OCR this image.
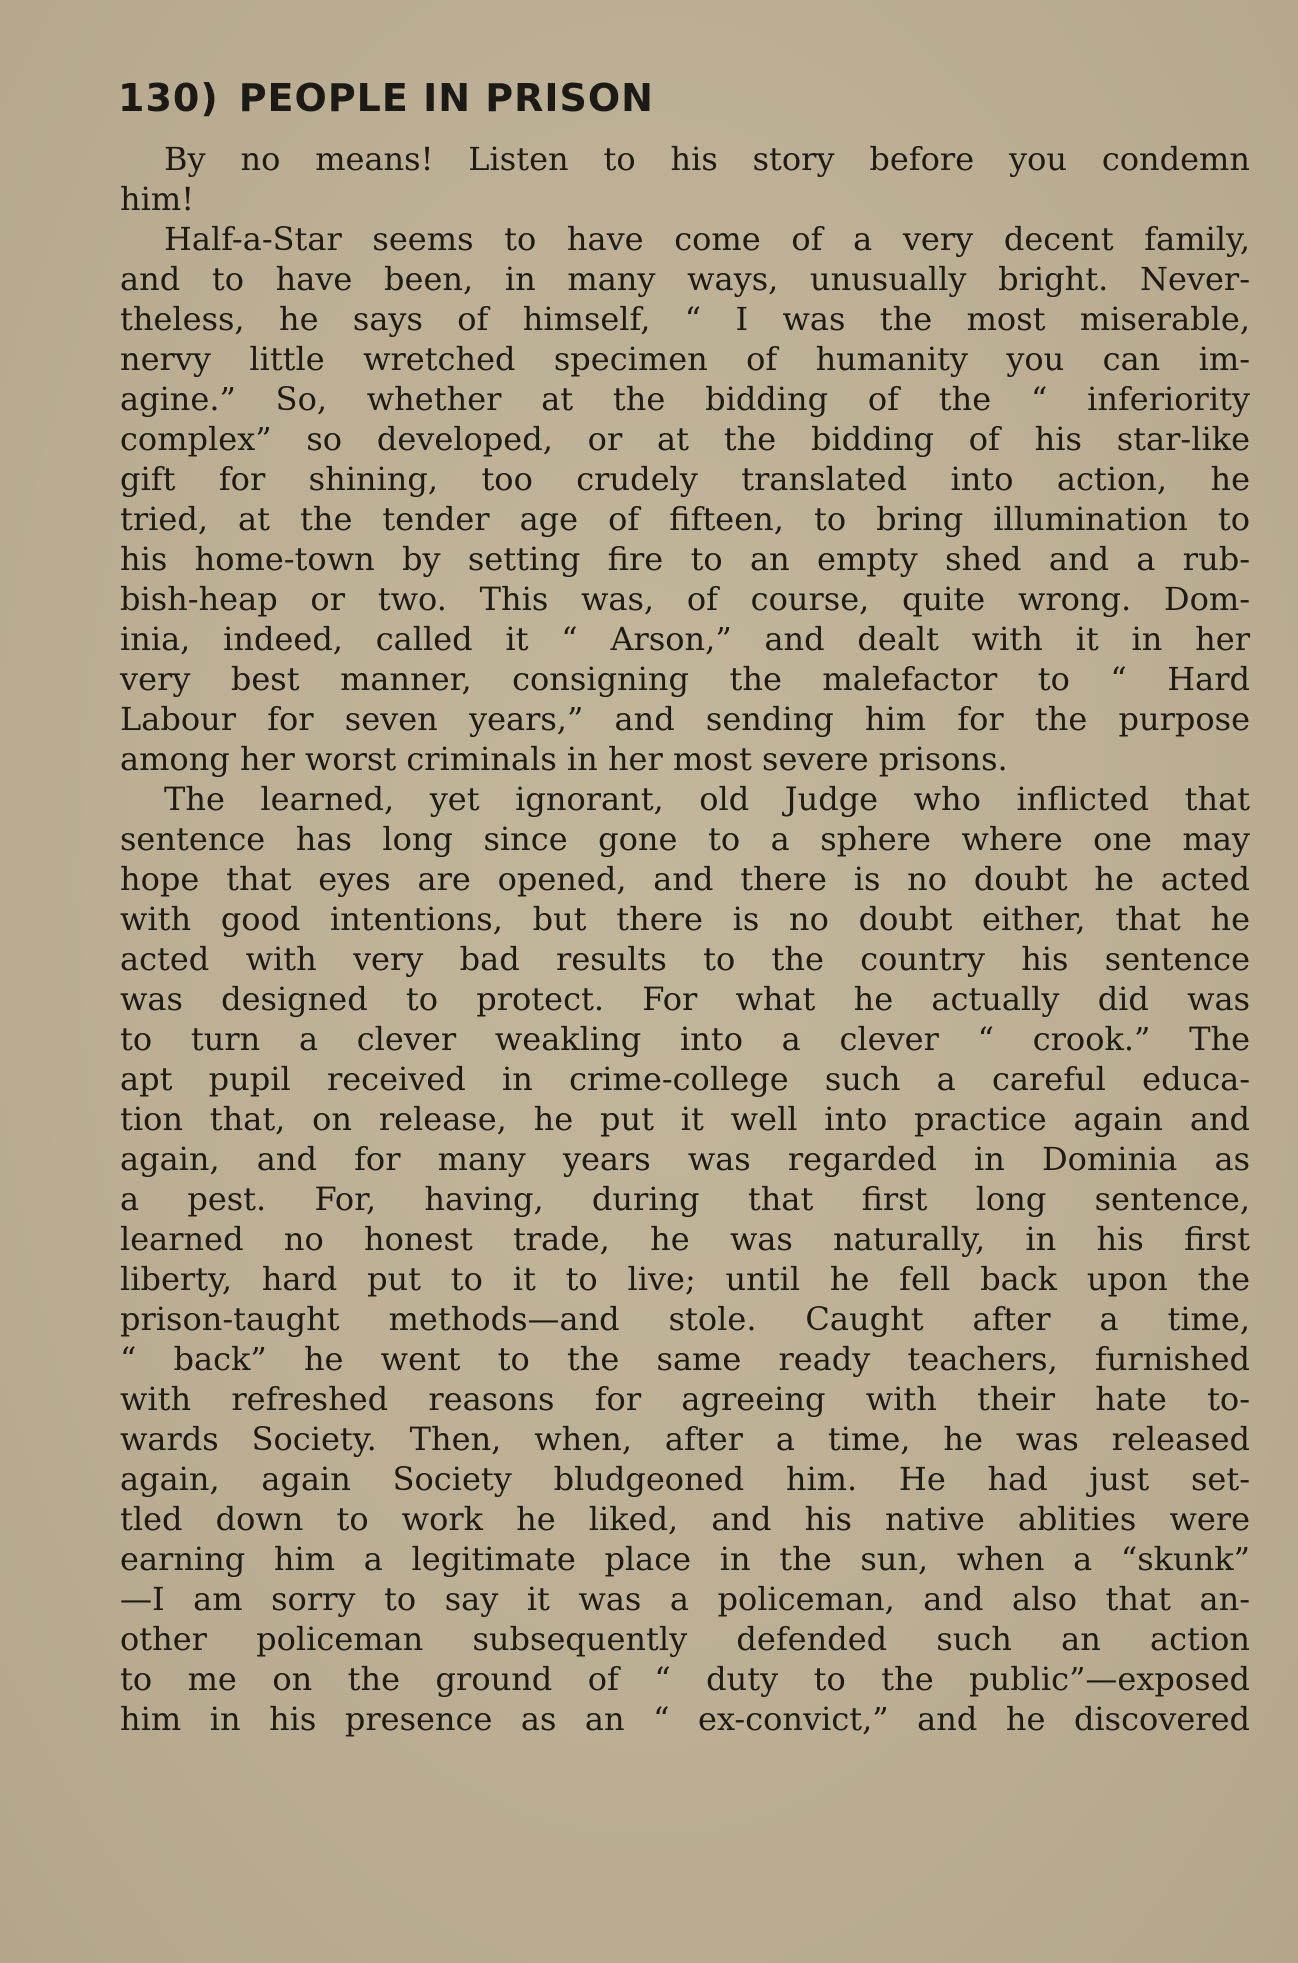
130) PEOPLE IN PRISON
By no means! Listen to his story before you condemn
him!
Half-a-Star seems to have come of a very decent family,
and to have been, in many ways, unusually bright. Never-
theless, he says of himself, “ I was the most miserable,
nervy little wretched specimen of humanity you can im-
agine.” So, whether at the bidding of the “ inferiority
complex” so developed, or at the bidding of his star-like
gift for shining, too crudely translated into action, he
tried, at the tender age of fifteen, to bring illumination to
his home-town by setting fire to an empty shed and a rub-
bish-heap or two. This was, of course, quite wrong. Dom-
inia, indeed, called it “ Arson,” and dealt with it in her
very best manner, consigning the malefactor to “ Hard
Labour for seven years,” and sending him for the purpose
among her worst criminals in her most severe prisons.
The learned, yet ignorant, old Judge who inflicted that
sentence has long since gone to a sphere where one may
hope that eyes are opened, and there is no doubt he acted
with good intentions, but there is no doubt either, that he
acted with very bad results to the country his sentence
was designed to protect. For what he actually did was
to turn a clever weakling into a clever “ crook.” The
apt pupil received in crime-college such a careful educa-
tion that, on release, he put it well into practice again and
again, and for many years was regarded in Dominia as
a pest. For, having, during that first long sentence,
learned no honest trade, he was naturally, in his first
liberty, hard put to it to live; until he fell back upon the
prison-taught methods—and stole. Caught after a time,
“ back” he went to the same ready teachers, furnished
with refreshed reasons for agreeing with their hate to-
wards Society. Then, when, after a time, he was released
again, again Society bludgeoned him. He had just set-
tled down to work he liked, and his native ablities were
earning him a legitimate place in the sun, when a “skunk”
—I am sorry to say it was a policeman, and also that an-
other policeman subsequently defended such an action
to me on the ground of “ duty to the public”—exposed
him in his presence as an “ ex-convict,” and he discovered
